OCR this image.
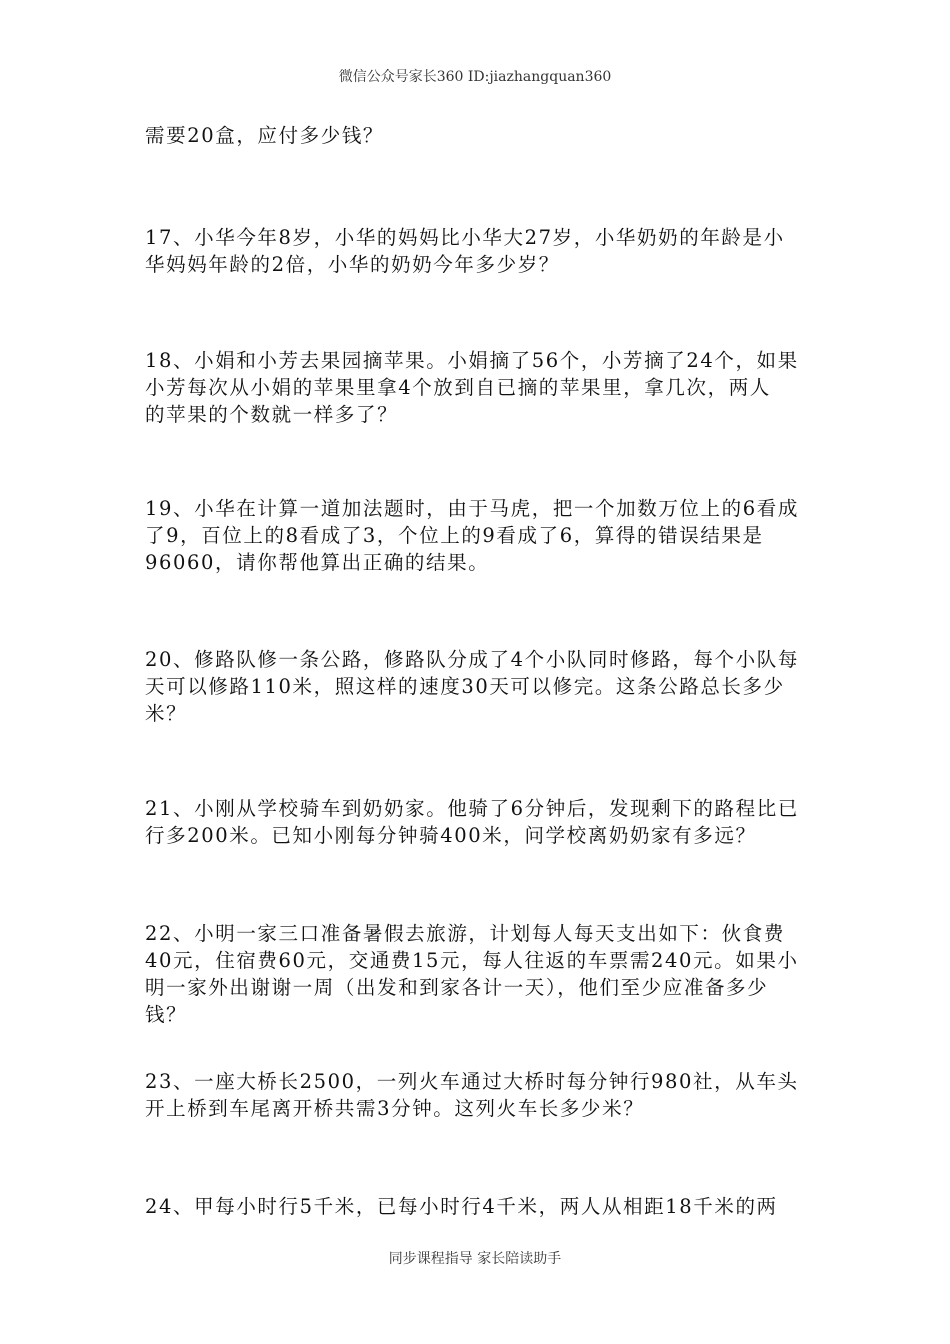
微信公众号家长360 ID:jiazhangquan360
需要20盒，应付多少钱？
17、小华今年8岁，小华的妈妈比小华大27岁，小华奶奶的年龄是小
华妈妈年龄的2倍，小华的奶奶今年多少岁？
18、小娟和小芳去果园摘苹果。小娟摘了56个，小芳摘了24个，如果
小芳每次从小娟的苹果里拿4个放到自已摘的苹果里，拿几次，两人
的苹果的个数就一样多了？
19、小华在计算一道加法题时，由于马虎，把一个加数万位上的6看成
了9，百位上的8看成了3，个位上的9看成了6，算得的错误结果是
96060，请你帮他算出正确的结果。
20、修路队修一条公路，修路队分成了4个小队同时修路，每个小队每
天可以修路110米，照这样的速度30天可以修完。这条公路总长多少
米？
21、小刚从学校骑车到奶奶家。他骑了6分钟后，发现剩下的路程比已
行多200米。已知小刚每分钟骑400米，问学校离奶奶家有多远？
22、小明一家三口准备暑假去旅游，计划每人每天支出如下：伙食费
40元，住宿费60元，交通费15元，每人往返的车票需240元。如果小
明一家外出谢谢一周（出发和到家各计一天），他们至少应准备多少
钱？
23、一座大桥长2500，一列火车通过大桥时每分钟行980社，从车头
开上桥到车尾离开桥共需3分钟。这列火车长多少米？
24、甲每小时行5千米，已每小时行4千米，两人从相距18千米的两
同步课程指导 家长陪读助手
